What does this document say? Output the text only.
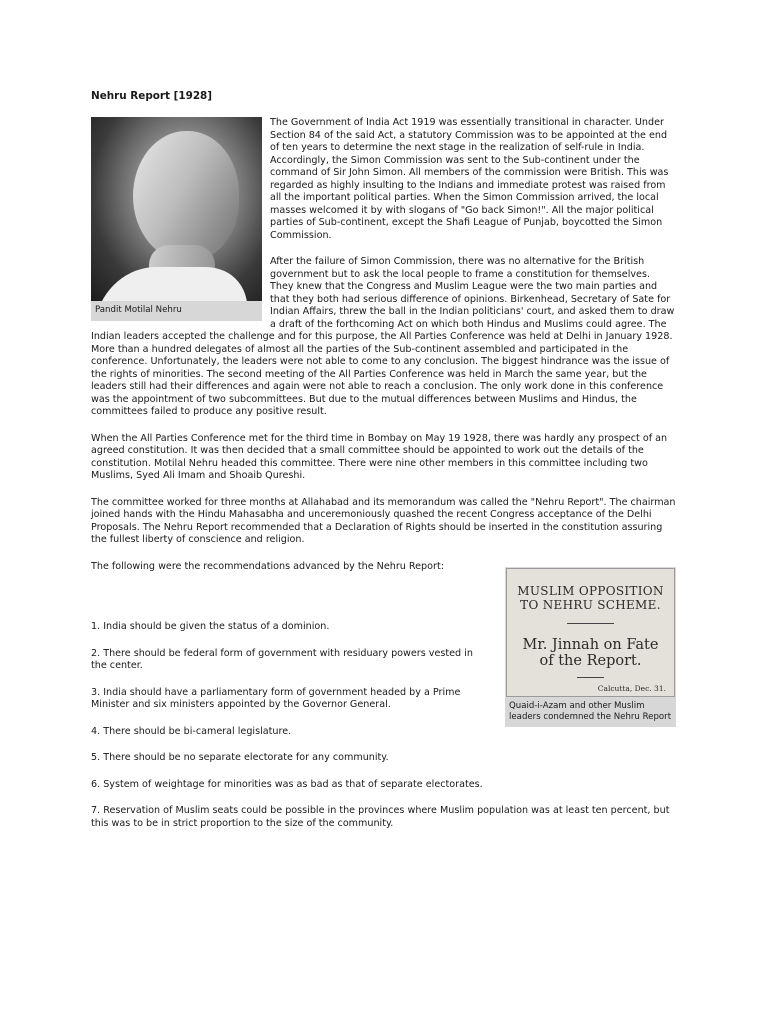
Nehru Report [1928]
Pandit Motilal Nehru

The Government of India Act 1919 was essentially transitional in character. Under Section 84 of the said Act, a statutory Commission was to be appointed at the end of ten years to determine the next stage in the realization of self-rule in India. Accordingly, the Simon Commission was sent to the Sub-continent under the command of Sir John Simon. All members of the commission were British. This was regarded as highly insulting to the Indians and immediate protest was raised from all the important political parties. When the Simon Commission arrived, the local masses welcomed it by with slogans of "Go back Simon!". All the major political parties of Sub-continent, except the Shafi League of Punjab, boycotted the Simon Commission.

After the failure of Simon Commission, there was no alternative for the British government but to ask the local people to frame a constitution for themselves. They knew that the Congress and Muslim League were the two main parties and that they both had serious difference of opinions. Birkenhead, Secretary of Sate for Indian Affairs, threw the ball in the Indian politicians' court, and asked them to draw a draft of the forthcoming Act on which both Hindus and Muslims could agree. The Indian leaders accepted the challenge and for this purpose, the All Parties Conference was held at Delhi in January 1928. More than a hundred delegates of almost all the parties of the Sub-continent assembled and participated in the conference. Unfortunately, the leaders were not able to come to any conclusion. The biggest hindrance was the issue of the rights of minorities. The second meeting of the All Parties Conference was held in March the same year, but the leaders still had their differences and again were not able to reach a conclusion. The only work done in this conference was the appointment of two subcommittees. But due to the mutual differences between Muslims and Hindus, the committees failed to produce any positive result.

When the All Parties Conference met for the third time in Bombay on May 19 1928, there was hardly any prospect of an agreed constitution. It was then decided that a small committee should be appointed to work out the details of the constitution. Motilal Nehru headed this committee. There were nine other members in this committee including two Muslims, Syed Ali Imam and Shoaib Qureshi.

The committee worked for three months at Allahabad and its memorandum was called the "Nehru Report". The chairman joined hands with the Hindu Mahasabha and unceremoniously quashed the recent Congress acceptance of the Delhi Proposals. The Nehru Report recommended that a Declaration of Rights should be inserted in the constitution assuring the fullest liberty of conscience and religion.

MUSLIM OPPOSITION
TO NEHRU SCHEME.
Mr. Jinnah on Fate
of the Report.
Calcutta, Dec. 31.
Quaid-i-Azam and other Muslim leaders condemned the Nehru Report

The following were the recommendations advanced by the Nehru Report:

1. India should be given the status of a dominion.

2. There should be federal form of government with residuary powers vested in the center.

3. India should have a parliamentary form of government headed by a Prime Minister and six ministers appointed by the Governor General.

4. There should be bi-cameral legislature.

5. There should be no separate electorate for any community.

6. System of weightage for minorities was as bad as that of separate electorates.

7. Reservation of Muslim seats could be possible in the provinces where Muslim population was at least ten percent, but this was to be in strict proportion to the size of the community.
